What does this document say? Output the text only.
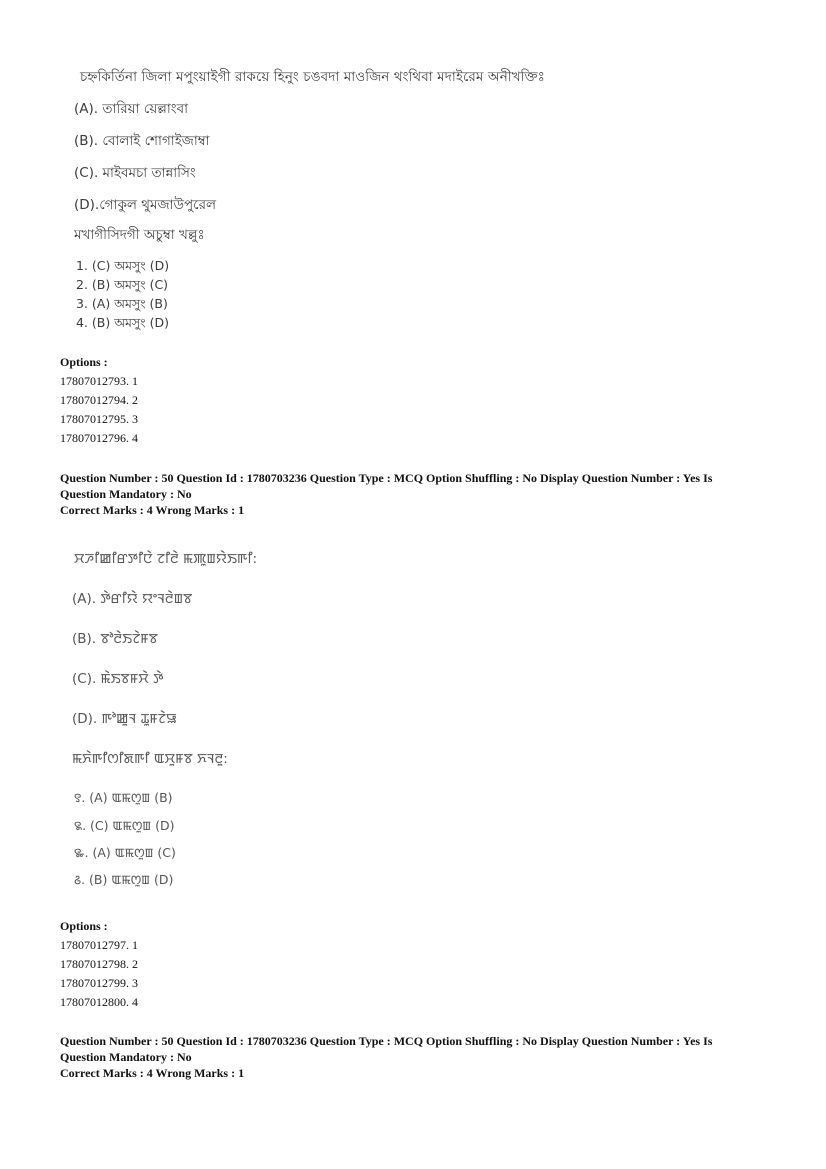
চহ্নকির্তিনা জিলা মপুংয়াইগী রাকয়ে হিনুং চঙবদা মাওজিন থংথিবা মদাইরেম অনীখক্তিঃ
(A). তারিয়া য়েল্লাংবা
(B). বোলাই শোগাইজাম্বা
(C). মাইবমচা তান্নাসিং
(D).গোকুল থুমজাউপুরেল
মখাগীসিদগী অচুম্বা খল্লুঃ
1. (C) অমসুং (D)
2. (B) অমসুং (C)
3. (A) অমসুং (B)
4. (B) অমসুং (D)
Options :
17807012793. 1
17807012794. 2
17807012795. 3
17807012796. 4
Question Number : 50 Question Id : 1780703236 Question Type : MCQ Option Shuffling : No Display Question Number : Yes Is Question Mandatory : No
Correct Marks : 4 Wrong Marks : 1
ꯆꯍꯤꯀꯤꯔꯇꯤꯅꯥ ꯖꯤꯂꯥ ꯃꯄꯨꯡꯌꯥꯏꯒꯤ:
(A). ꯇꯥꯔꯤꯌꯥ ꯌꯦꯜꯂꯥꯡꯕ
(B). ꯕꯣꯂꯥꯏꯖꯥꯝꯕ
(C). ꯃꯥꯏꯕꯝꯆꯥ ꯇꯥ
(D). ꯒꯣꯀꯨꯜ ꯊꯨꯝꯖꯥꯎ
ꯃꯈꯥꯒꯤꯁꯤꯗꯒꯤ ꯑꯆꯨꯝꯕ ꯈꯜꯂꯨ:
꯱. (A) ꯑꯃꯁꯨꯡ (B)
꯲. (C) ꯑꯃꯁꯨꯡ (D)
꯳. (A) ꯑꯃꯁꯨꯡ (C)
꯴. (B) ꯑꯃꯁꯨꯡ (D)
Options :
17807012797. 1
17807012798. 2
17807012799. 3
17807012800. 4
Question Number : 50 Question Id : 1780703236 Question Type : MCQ Option Shuffling : No Display Question Number : Yes Is Question Mandatory : No
Correct Marks : 4 Wrong Marks : 1
